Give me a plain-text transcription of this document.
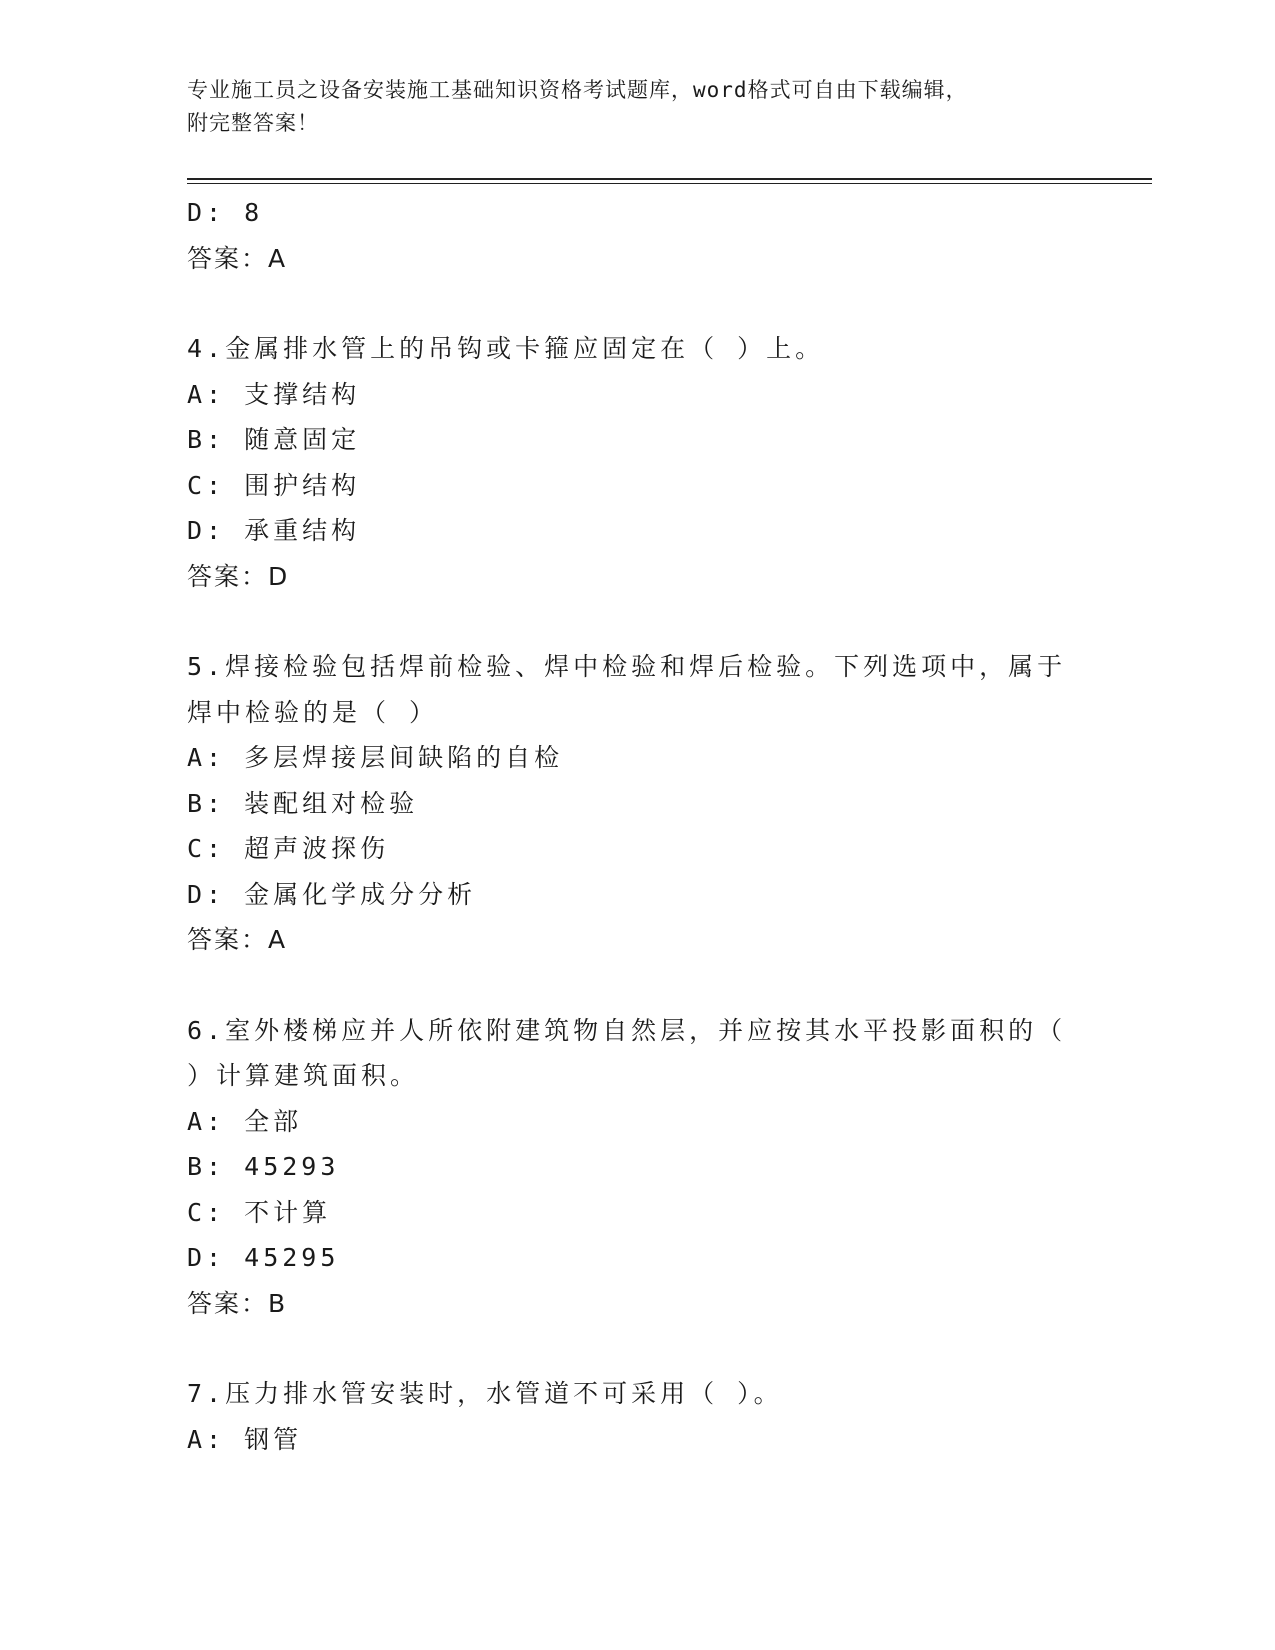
专业施工员之设备安装施工基础知识资格考试题库，word格式可自由下载编辑，
附完整答案！
D: 8
答案：A
4.金属排水管上的吊钩或卡箍应固定在（ ）上。
A: 支撑结构
B: 随意固定
C: 围护结构
D: 承重结构
答案：D
5.焊接检验包括焊前检验、焊中检验和焊后检验。下列选项中，属于焊中检验的是（ ）
A: 多层焊接层间缺陷的自检
B: 装配组对检验
C: 超声波探伤
D: 金属化学成分分析
答案：A
6.室外楼梯应并人所依附建筑物自然层，并应按其水平投影面积的（ ）计算建筑面积。
A: 全部
B: 45293
C: 不计算
D: 45295
答案：B
7.压力排水管安装时，水管道不可采用（ ）。
A: 钢管
